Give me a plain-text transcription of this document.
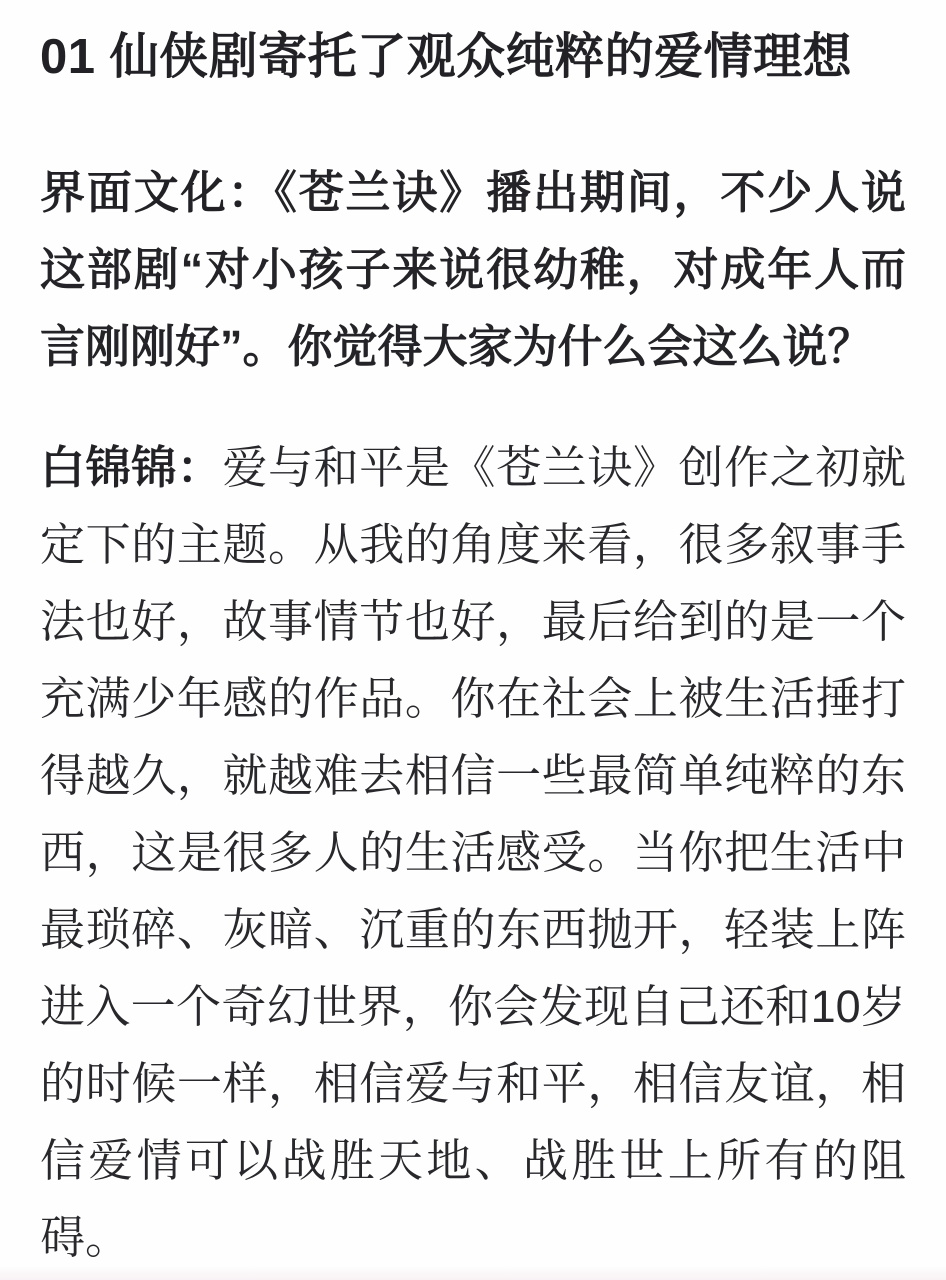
01 仙侠剧寄托了观众纯粹的爱情理想

界面文化：《苍兰诀》播出期间，不少人说这部剧“对小孩子来说很幼稚，对成年人而言刚刚好”。你觉得大家为什么会这么说？

白锦锦：爱与和平是《苍兰诀》创作之初就定下的主题。从我的角度来看，很多叙事手法也好，故事情节也好，最后给到的是一个充满少年感的作品。你在社会上被生活捶打得越久，就越难去相信一些最简单纯粹的东西，这是很多人的生活感受。当你把生活中最琐碎、灰暗、沉重的东西抛开，轻装上阵进入一个奇幻世界，你会发现自己还和10岁的时候一样，相信爱与和平，相信友谊，相信爱情可以战胜天地、战胜世上所有的阻碍。
